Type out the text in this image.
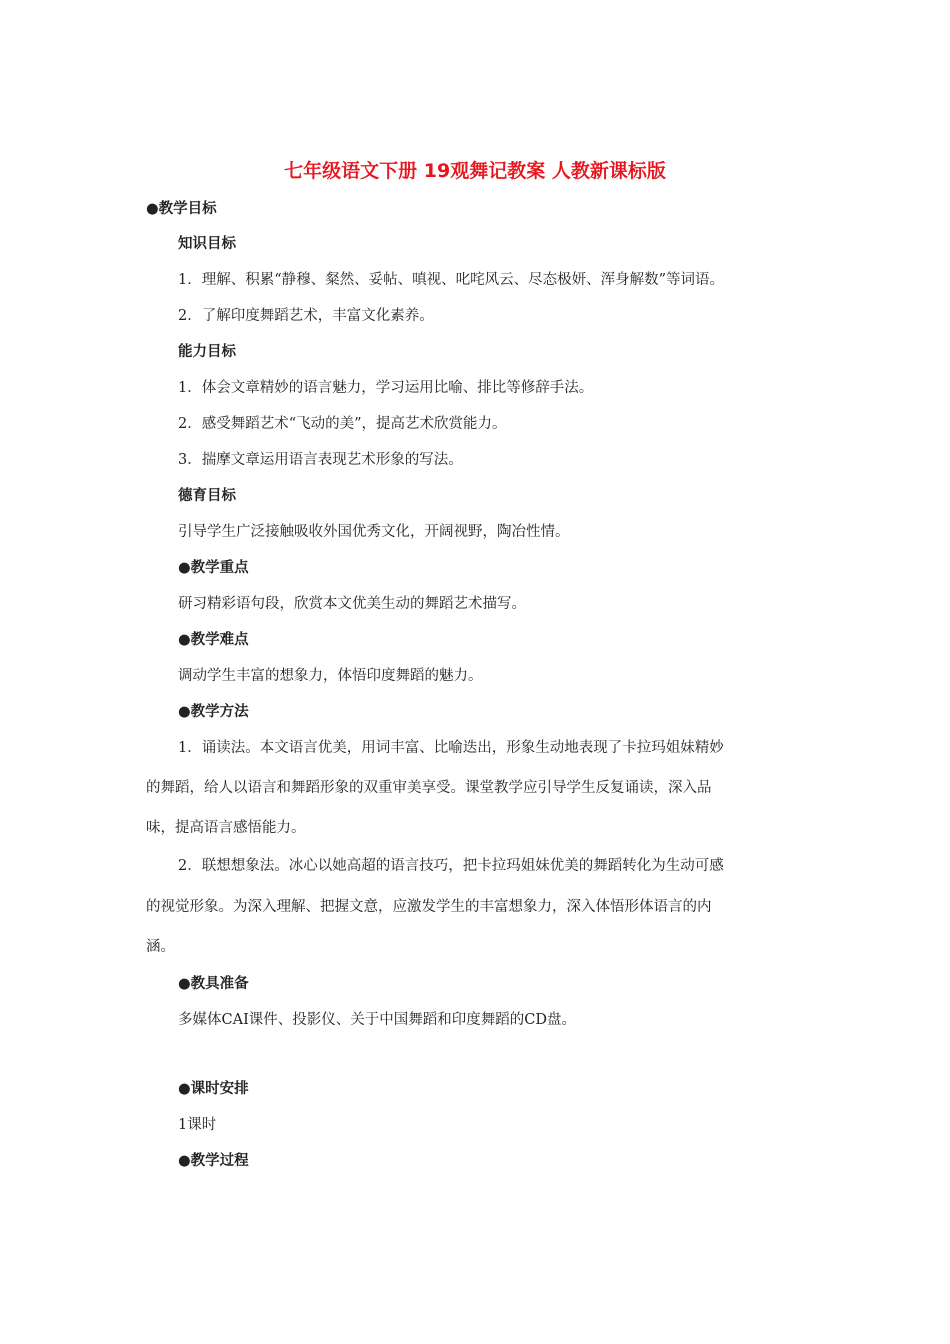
七年级语文下册 19观舞记教案 人教新课标版
●教学目标
知识目标
1．理解、积累“静穆、粲然、妥帖、嗔视、叱咤风云、尽态极妍、浑身解数”等词语。
2．了解印度舞蹈艺术，丰富文化素养。
能力目标
1．体会文章精妙的语言魅力，学习运用比喻、排比等修辞手法。
2．感受舞蹈艺术“飞动的美”，提高艺术欣赏能力。
3．揣摩文章运用语言表现艺术形象的写法。
德育目标
引导学生广泛接触吸收外国优秀文化，开阔视野，陶冶性情。
●教学重点
研习精彩语句段，欣赏本文优美生动的舞蹈艺术描写。
●教学难点
调动学生丰富的想象力，体悟印度舞蹈的魅力。
●教学方法
1．诵读法。本文语言优美，用词丰富、比喻迭出，形象生动地表现了卡拉玛姐妹精妙
的舞蹈，给人以语言和舞蹈形象的双重审美享受。课堂教学应引导学生反复诵读，深入品
味，提高语言感悟能力。
2．联想想象法。冰心以她高超的语言技巧，把卡拉玛姐妹优美的舞蹈转化为生动可感
的视觉形象。为深入理解、把握文意，应激发学生的丰富想象力，深入体悟形体语言的内
涵。
●教具准备
多媒体CAI课件、投影仪、关于中国舞蹈和印度舞蹈的CD盘。
●课时安排
1课时
●教学过程
